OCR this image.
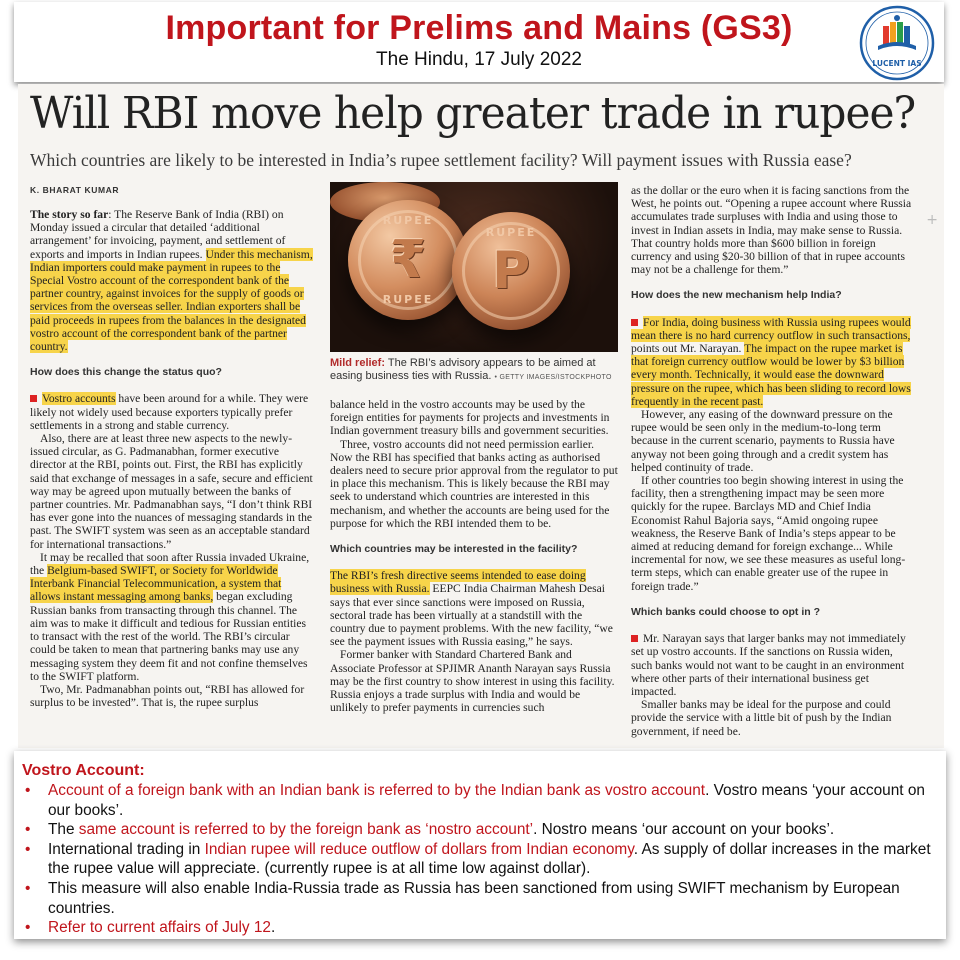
Important for Prelims and Mains (GS3)
The Hindu, 17 July 2022	LUCENT IAS
Will RBI move help greater trade in rupee?
Which countries are likely to be interested in India’s rupee settlement facility? Will payment issues with Russia ease?
K. BHARAT KUMAR

The story so far: The Reserve Bank of India (RBI) on Monday issued a circular that detailed ‘additional arrangement’ for invoicing, payment, and settlement of exports and imports in Indian rupees. Under this mechanism, Indian importers could make payment in rupees to the Special Vostro account of the correspondent bank of the partner country, against invoices for the supply of goods or services from the overseas seller. Indian exporters shall be paid proceeds in rupees from the balances in the designated vostro account of the correspondent bank of the partner country.

How does this change the status quo?

Vostro accounts have been around for a while. They were likely not widely used because exporters typically prefer settlements in a strong and stable currency.

Also, there are at least three new aspects to the newly-issued circular, as G. Padmanabhan, former executive director at the RBI, points out. First, the RBI has explicitly said that exchange of messages in a safe, secure and efficient way may be agreed upon mutually between the banks of partner countries. Mr. Padmanabhan says, “I don’t think RBI has ever gone into the nuances of messaging standards in the past. The SWIFT system was seen as an acceptable standard for international transactions.”

It may be recalled that soon after Russia invaded Ukraine, the Belgium-based SWIFT, or Society for Worldwide Interbank Financial Telecommunication, a system that allows instant messaging among banks, began excluding Russian banks from transacting through this channel. The aim was to make it difficult and tedious for Russian entities to transact with the rest of the world. The RBI’s circular could be taken to mean that partnering banks may use any messaging system they deem fit and not confine themselves to the SWIFT platform.

Two, Mr. Padmanabhan points out, “RBI has allowed for surplus to be invested”. That is, the rupee surplus

RUPEE
₹
RUPEE
RUPEE
P
Mild relief: The RBI’s advisory appears to be aimed at easing business ties with Russia. • GETTY IMAGES/ISTOCKPHOTO

balance held in the vostro accounts may be used by the foreign entities for payments for projects and investments in Indian government treasury bills and government securities.

Three, vostro accounts did not need permission earlier. Now the RBI has specified that banks acting as authorised dealers need to secure prior approval from the regulator to put in place this mechanism. This is likely because the RBI may seek to understand which countries are interested in this mechanism, and whether the accounts are being used for the purpose for which the RBI intended them to be.

Which countries may be interested in the facility?

The RBI’s fresh directive seems intended to ease doing business with Russia. EEPC India Chairman Mahesh Desai says that ever since sanctions were imposed on Russia, sectoral trade has been virtually at a standstill with the country due to payment problems. With the new facility, “we see the payment issues with Russia easing,” he says.

Former banker with Standard Chartered Bank and Associate Professor at SPJIMR Ananth Narayan says Russia may be the first country to show interest in using this facility. Russia enjoys a trade surplus with India and would be unlikely to prefer payments in currencies such

as the dollar or the euro when it is facing sanctions from the West, he points out. “Opening a rupee account where Russia accumulates trade surpluses with India and using those to invest in Indian assets in India, may make sense to Russia. That country holds more than $600 billion in foreign currency and using $20-30 billion of that in rupee accounts may not be a challenge for them.”

How does the new mechanism help India?

For India, doing business with Russia using rupees would mean there is no hard currency outflow in such transactions, points out Mr. Narayan. The impact on the rupee market is that foreign currency outflow would be lower by $3 billion every month. Technically, it would ease the downward pressure on the rupee, which has been sliding to record lows frequently in the recent past.

However, any easing of the downward pressure on the rupee would be seen only in the medium-to-long term because in the current scenario, payments to Russia have anyway not been going through and a credit system has helped continuity of trade.

If other countries too begin showing interest in using the facility, then a strengthening impact may be seen more quickly for the rupee. Barclays MD and Chief India Economist Rahul Bajoria says, “Amid ongoing rupee weakness, the Reserve Bank of India’s steps appear to be aimed at reducing demand for foreign exchange... While incremental for now, we see these measures as useful long-term steps, which can enable greater use of the rupee in foreign trade.”

Which banks could choose to opt in ?

Mr. Narayan says that larger banks may not immediately set up vostro accounts. If the sanctions on Russia widen, such banks would not want to be caught in an environment where other parts of their international business get impacted.

Smaller banks may be ideal for the purpose and could provide the service with a little bit of push by the Indian government, if need be.

+
Vostro Account:
• Account of a foreign bank with an Indian bank is referred to by the Indian bank as vostro account. Vostro means ‘your account on our books’.
• The same account is referred to by the foreign bank as ‘nostro account’. Nostro means ‘our account on your books’.
• International trading in Indian rupee will reduce outflow of dollars from Indian economy. As supply of dollar increases in the market the rupee value will appreciate. (currently rupee is at all time low against dollar).
• This measure will also enable India-Russia trade as Russia has been sanctioned from using SWIFT mechanism by European countries.
• Refer to current affairs of July 12.
